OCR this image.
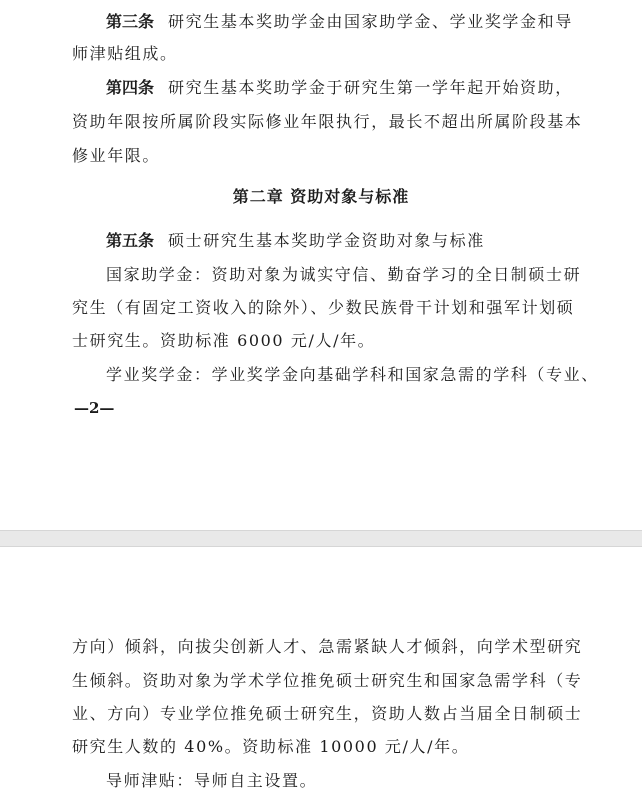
第三条 研究生基本奖助学金由国家助学金、学业奖学金和导
师津贴组成。
第四条 研究生基本奖助学金于研究生第一学年起开始资助，
资助年限按所属阶段实际修业年限执行，最长不超出所属阶段基本
修业年限。
第二章 资助对象与标准
第五条 硕士研究生基本奖助学金资助对象与标准
国家助学金：资助对象为诚实守信、勤奋学习的全日制硕士研
究生（有固定工资收入的除外）、少数民族骨干计划和强军计划硕
士研究生。资助标准 6000 元/人/年。
学业奖学金：学业奖学金向基础学科和国家急需的学科（专业、
—2—
方向）倾斜，向拔尖创新人才、急需紧缺人才倾斜，向学术型研究
生倾斜。资助对象为学术学位推免硕士研究生和国家急需学科（专
业、方向）专业学位推免硕士研究生，资助人数占当届全日制硕士
研究生人数的 40%。资助标准 10000 元/人/年。
导师津贴：导师自主设置。
